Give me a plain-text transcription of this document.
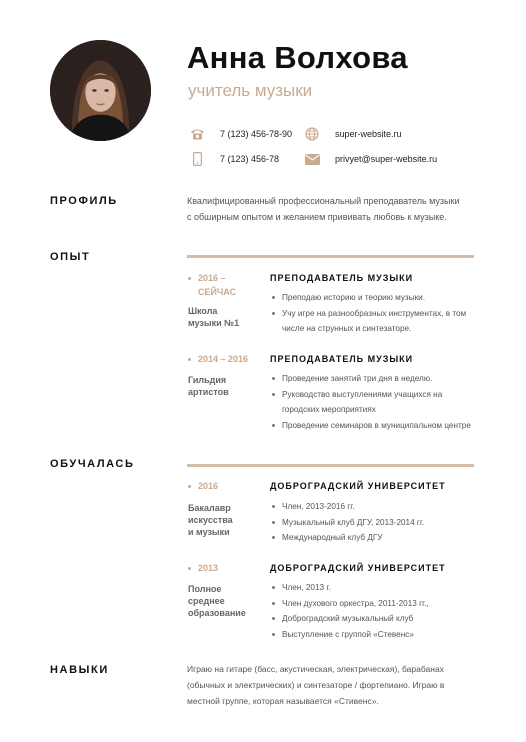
Анна Волхова
учитель музыки
7 (123) 456-78-90	super-website.ru
7 (123) 456-78	privyet@super-website.ru
ПРОФИЛЬ	Квалифицированный профессиональный преподаватель музыки
с обширным опытом и желанием прививать любовь к музыке.
ОПЫТ
2016 –
СЕЙЧАС
Школа
музыки №1
ПРЕПОДАВАТЕЛЬ МУЗЫКИ
Преподаю историю и теорию музыки.
Учу игре на разнообразных инструментах, в том числе на струнных и синтезаторе.
2014 – 2016
Гильдия
артистов
ПРЕПОДАВАТЕЛЬ МУЗЫКИ
Проведение занятий три дня в неделю.
Руководство выступлениями учащихся на городских мероприятиях
Проведение семинаров в муниципальном центре
ОБУЧАЛАСЬ
2016
Бакалавр
искусства
и музыки
ДОБРОГРАДСКИЙ УНИВЕРСИТЕТ
Член, 2013-2016 гг.
Музыкальный клуб ДГУ, 2013-2014 гг.
Международный клуб ДГУ
2013
Полное
среднее
образование
ДОБРОГРАДСКИЙ УНИВЕРСИТЕТ
Член, 2013 г.
Член духового оркестра, 2011-2013 гг.,
Доброградский музыкальный клуб
Выступление с группой «Стевенс»
НАВЫКИ	Играю на гитаре (басс, акустическая, электрическая), барабанах
(обычных и электрических) и синтезаторе / фортепиано. Играю в
местной группе, которая называется «Стивенс».
